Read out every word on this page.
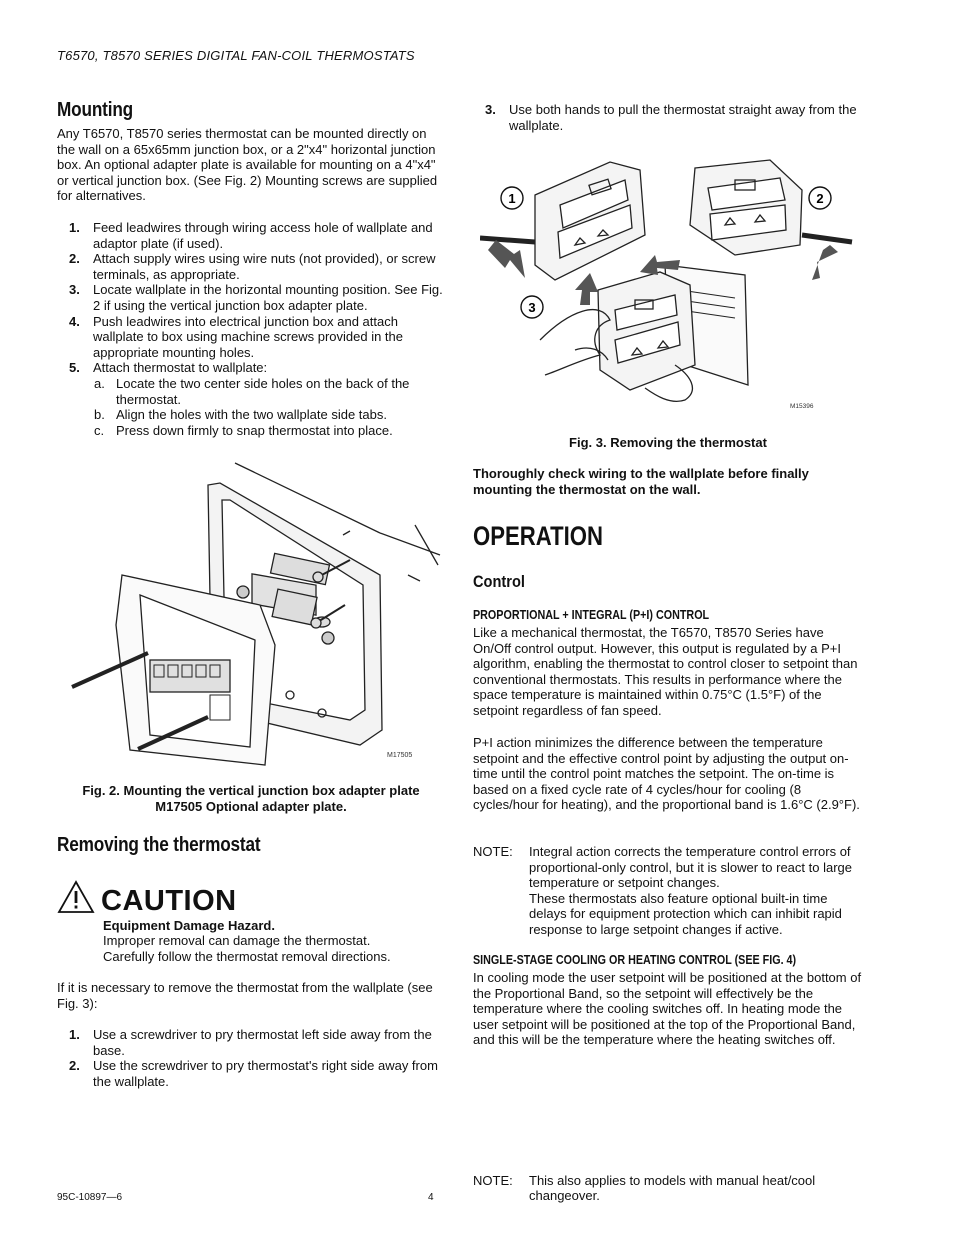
T6570, T8570 SERIES DIGITAL FAN-COIL THERMOSTATS
Mounting
Any T6570, T8570 series thermostat can be mounted directly on the wall on a 65x65mm junction box, or a 2"x4" horizontal junction box. An optional adapter plate is available for mounting on a 4"x4" or vertical junction box. (See Fig. 2) Mounting screws are supplied for alternatives.
1. Feed leadwires through wiring access hole of wallplate and adaptor plate (if used).
2. Attach supply wires using wire nuts (not provided), or screw terminals, as appropriate.
3. Locate wallplate in the horizontal mounting position. See Fig. 2 if using the vertical junction box adapter plate.
4. Push leadwires into electrical junction box and attach wallplate to box using machine screws provided in the appropriate mounting holes.
5. Attach thermostat to wallplate:
a. Locate the two center side holes on the back of the thermostat.
b. Align the holes with the two wallplate side tabs.
c. Press down firmly to snap thermostat into place.
M17505
Fig. 2. Mounting the vertical junction box adapter plate
M17505 Optional adapter plate.
Removing the thermostat
CAUTION
Equipment Damage Hazard.
Improper removal can damage the thermostat. Carefully follow the thermostat removal directions.
If it is necessary to remove the thermostat from the wallplate (see Fig. 3):
1. Use a screwdriver to pry thermostat left side away from the base.
2. Use the screwdriver to pry thermostat's right side away from the wallplate.
3. Use both hands to pull the thermostat straight away from the wallplate.
1	2
3
M15396
Fig. 3. Removing the thermostat
Thoroughly check wiring to the wallplate before finally mounting the thermostat on the wall.
OPERATION
Control
PROPORTIONAL + INTEGRAL (P+I) CONTROL
Like a mechanical thermostat, the T6570, T8570 Series have On/Off control output. However, this output is regulated by a P+I algorithm, enabling the thermostat to control closer to setpoint than conventional thermostats. This results in performance where the space temperature is maintained within 0.75°C (1.5°F) of the setpoint regardless of fan speed.
P+I action minimizes the difference between the temperature setpoint and the effective control point by adjusting the output on-time until the control point matches the setpoint. The on-time is based on a fixed cycle rate of 4 cycles/hour for cooling (8 cycles/hour for heating), and the proportional band is 1.6°C (2.9°F).
NOTE: Integral action corrects the temperature control errors of proportional-only control, but it is slower to react to large temperature or setpoint changes.
These thermostats also feature optional built-in time delays for equipment protection which can inhibit rapid response to large setpoint changes if active.
SINGLE-STAGE COOLING OR HEATING CONTROL (SEE FIG. 4)
In cooling mode the user setpoint will be positioned at the bottom of the Proportional Band, so the setpoint will effectively be the temperature where the cooling switches off. In heating mode the user setpoint will be positioned at the top of the Proportional Band, and this will be the temperature where the heating switches off.
NOTE: This also applies to models with manual heat/cool changeover.
95C-10897—6	4
